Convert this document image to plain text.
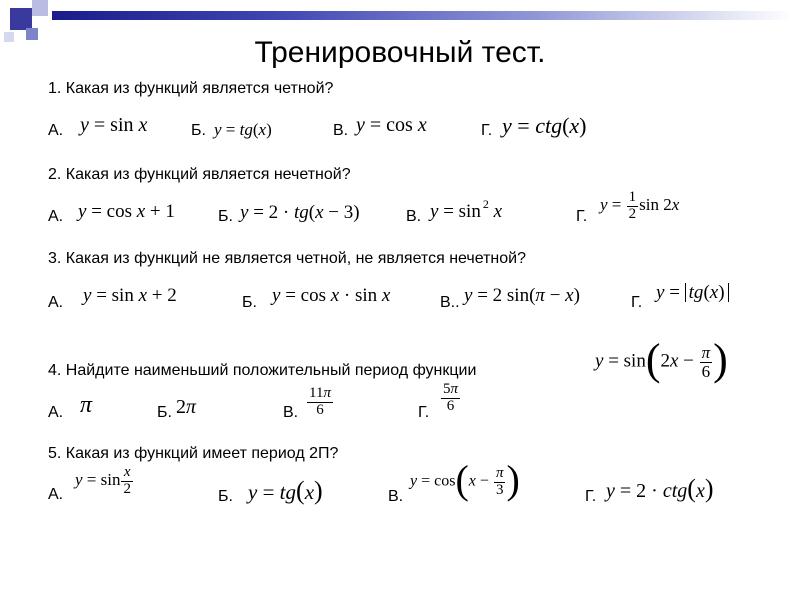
Тренировочный тест.
1. Какая из функций является четной?
А. y = sin x	Б. y = tg(x)	В. y = cos x	Г. y = ctg(x)
2. Какая из функций является нечетной?
А. y = cos x + 1	Б. y = 2 · tg(x − 3)	В. y = sin $^2$ x	Г.
$y = \frac{1}{2}$ sin 2x
3. Какая из функций не является четной, не является нечетной?
А. y = sin x + 2	Б. y = cos x · sin x	В.. y = 2 sin(π − x)	Г. y = tg(x)
4. Найдите наименьший положительный период функции	$y = \sin(2x - \frac{\pi}{6}$ )
А. π	Б. 2π	В. $\frac{11\pi}{6}$	Г. $\frac{5\pi}{6}$
5. Какая из функций имеет период 2П?
А.
$y = \sin \frac{x}{2}$	Б. y = tg(x)	В.
$y = \cos(x - \frac{\pi}{3}$ )	Г. y = 2 · ctg(x)
